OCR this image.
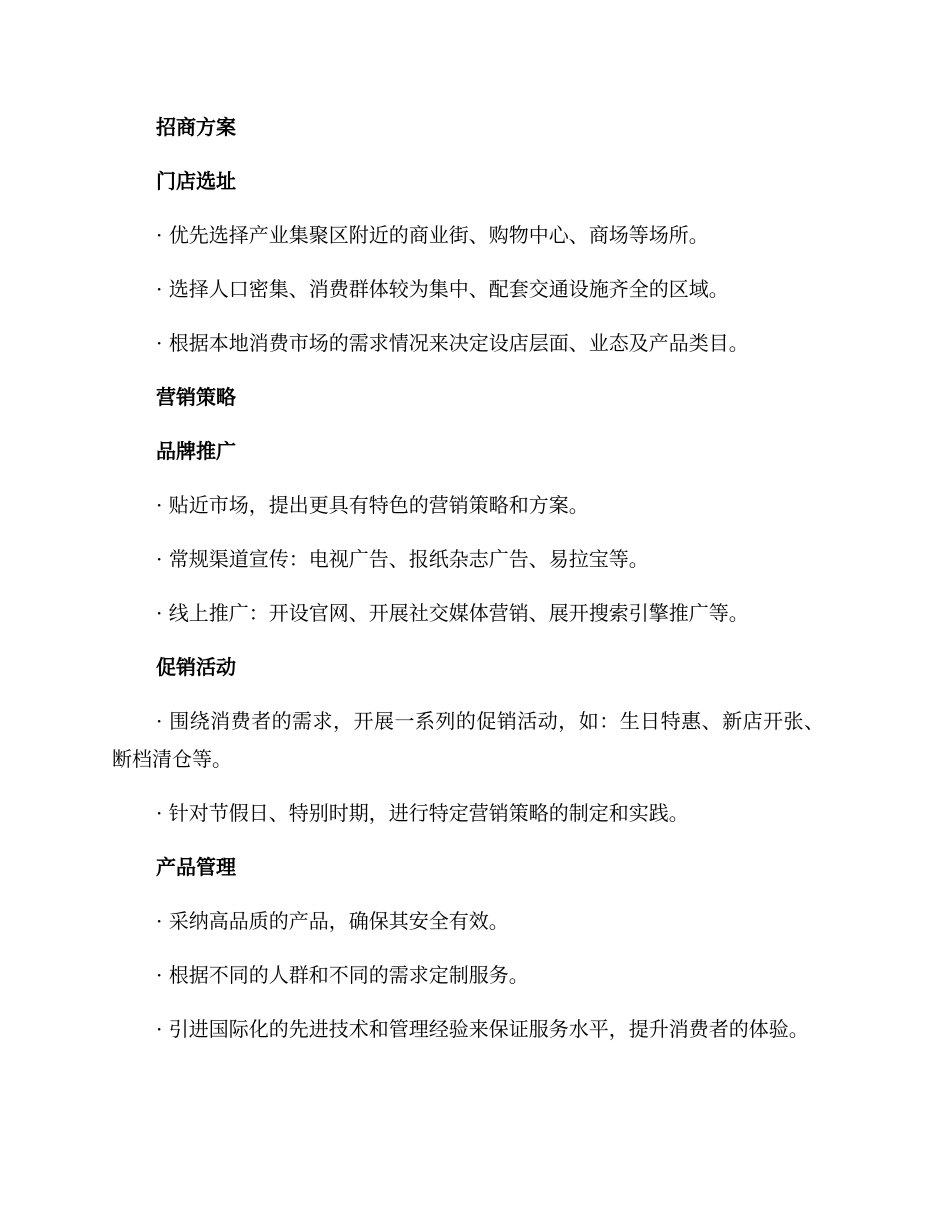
招商方案
门店选址
· 优先选择产业集聚区附近的商业街、购物中心、商场等场所。
· 选择人口密集、消费群体较为集中、配套交通设施齐全的区域。
· 根据本地消费市场的需求情况来决定设店层面、业态及产品类目。
营销策略
品牌推广
· 贴近市场，提出更具有特色的营销策略和方案。
· 常规渠道宣传：电视广告、报纸杂志广告、易拉宝等。
· 线上推广：开设官网、开展社交媒体营销、展开搜索引擎推广等。
促销活动
· 围绕消费者的需求，开展一系列的促销活动，如：生日特惠、新店开张、断档清仓等。
· 针对节假日、特别时期，进行特定营销策略的制定和实践。
产品管理
· 采纳高品质的产品，确保其安全有效。
· 根据不同的人群和不同的需求定制服务。
· 引进国际化的先进技术和管理经验来保证服务水平，提升消费者的体验。
